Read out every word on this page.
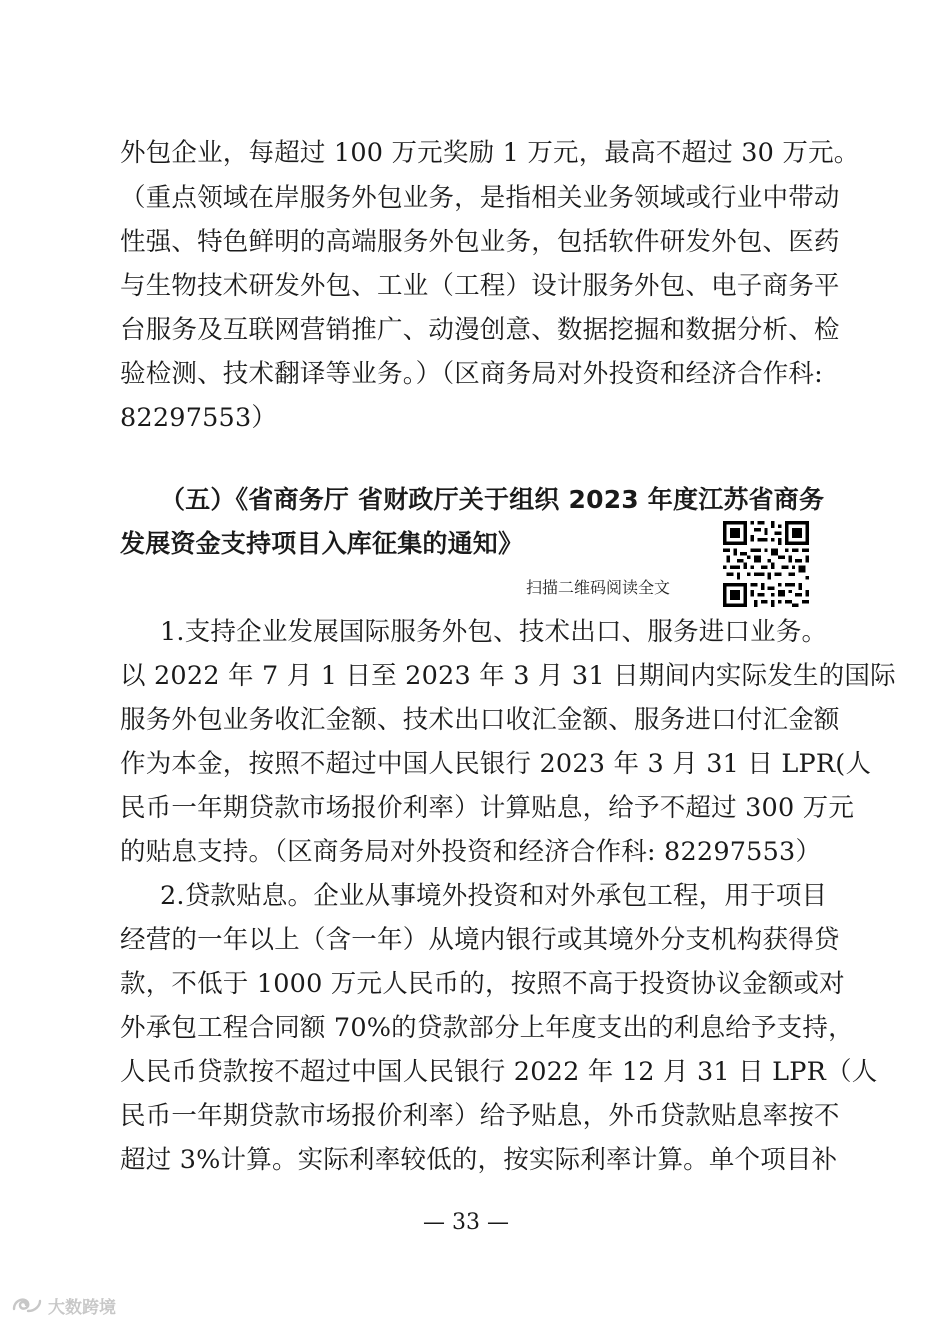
外包企业，每超过 100 万元奖励 1 万元，最高不超过 30 万元。
（重点领域在岸服务外包业务，是指相关业务领域或行业中带动
性强、特色鲜明的高端服务外包业务，包括软件研发外包、医药
与生物技术研发外包、工业（工程）设计服务外包、电子商务平
台服务及互联网营销推广、动漫创意、数据挖掘和数据分析、检
验检测、技术翻译等业务。）（区商务局对外投资和经济合作科:
82297553）
（五）《省商务厅 省财政厅关于组织 2023 年度江苏省商务
发展资金支持项目入库征集的通知》
扫描二维码阅读全文
1.支持企业发展国际服务外包、技术出口、服务进口业务。
以 2022 年 7 月 1 日至 2023 年 3 月 31 日期间内实际发生的国际
服务外包业务收汇金额、技术出口收汇金额、服务进口付汇金额
作为本金，按照不超过中国人民银行 2023 年 3 月 31 日 LPR(人
民币一年期贷款市场报价利率）计算贴息，给予不超过 300 万元
的贴息支持。（区商务局对外投资和经济合作科: 82297553）
2.贷款贴息。企业从事境外投资和对外承包工程，用于项目
经营的一年以上（含一年）从境内银行或其境外分支机构获得贷
款，不低于 1000 万元人民币的，按照不高于投资协议金额或对
外承包工程合同额 70%的贷款部分上年度支出的利息给予支持，
人民币贷款按不超过中国人民银行 2022 年 12 月 31 日 LPR（人
民币一年期贷款市场报价利率）给予贴息，外币贷款贴息率按不
超过 3%计算。实际利率较低的，按实际利率计算。单个项目补
— 33 —
大数跨境
